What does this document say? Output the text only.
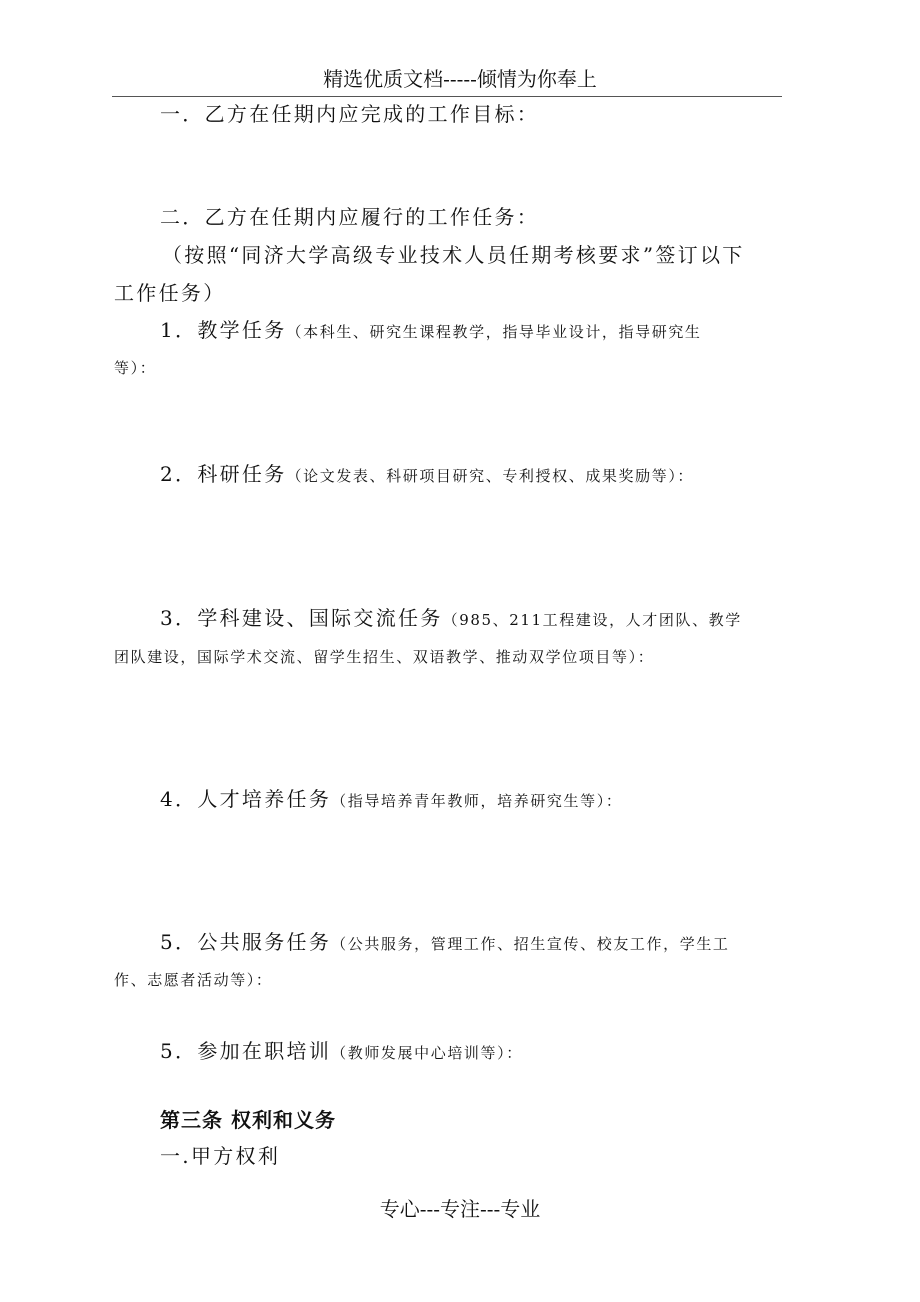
精选优质文档-----倾情为你奉上
一．乙方在任期内应完成的工作目标：
二．乙方在任期内应履行的工作任务：
（按照“同济大学高级专业技术人员任期考核要求”签订以下
工作任务）
1．教学任务（本科生、研究生课程教学，指导毕业设计，指导研究生
等）：
2．科研任务（论文发表、科研项目研究、专利授权、成果奖励等）：
3．学科建设、国际交流任务（985、211工程建设，人才团队、教学
团队建设，国际学术交流、留学生招生、双语教学、推动双学位项目等）：
4．人才培养任务（指导培养青年教师，培养研究生等）：
5．公共服务任务（公共服务，管理工作、招生宣传、校友工作，学生工
作、志愿者活动等）：
5．参加在职培训（教师发展中心培训等）：
第三条 权利和义务
一.甲方权利
专心---专注---专业
